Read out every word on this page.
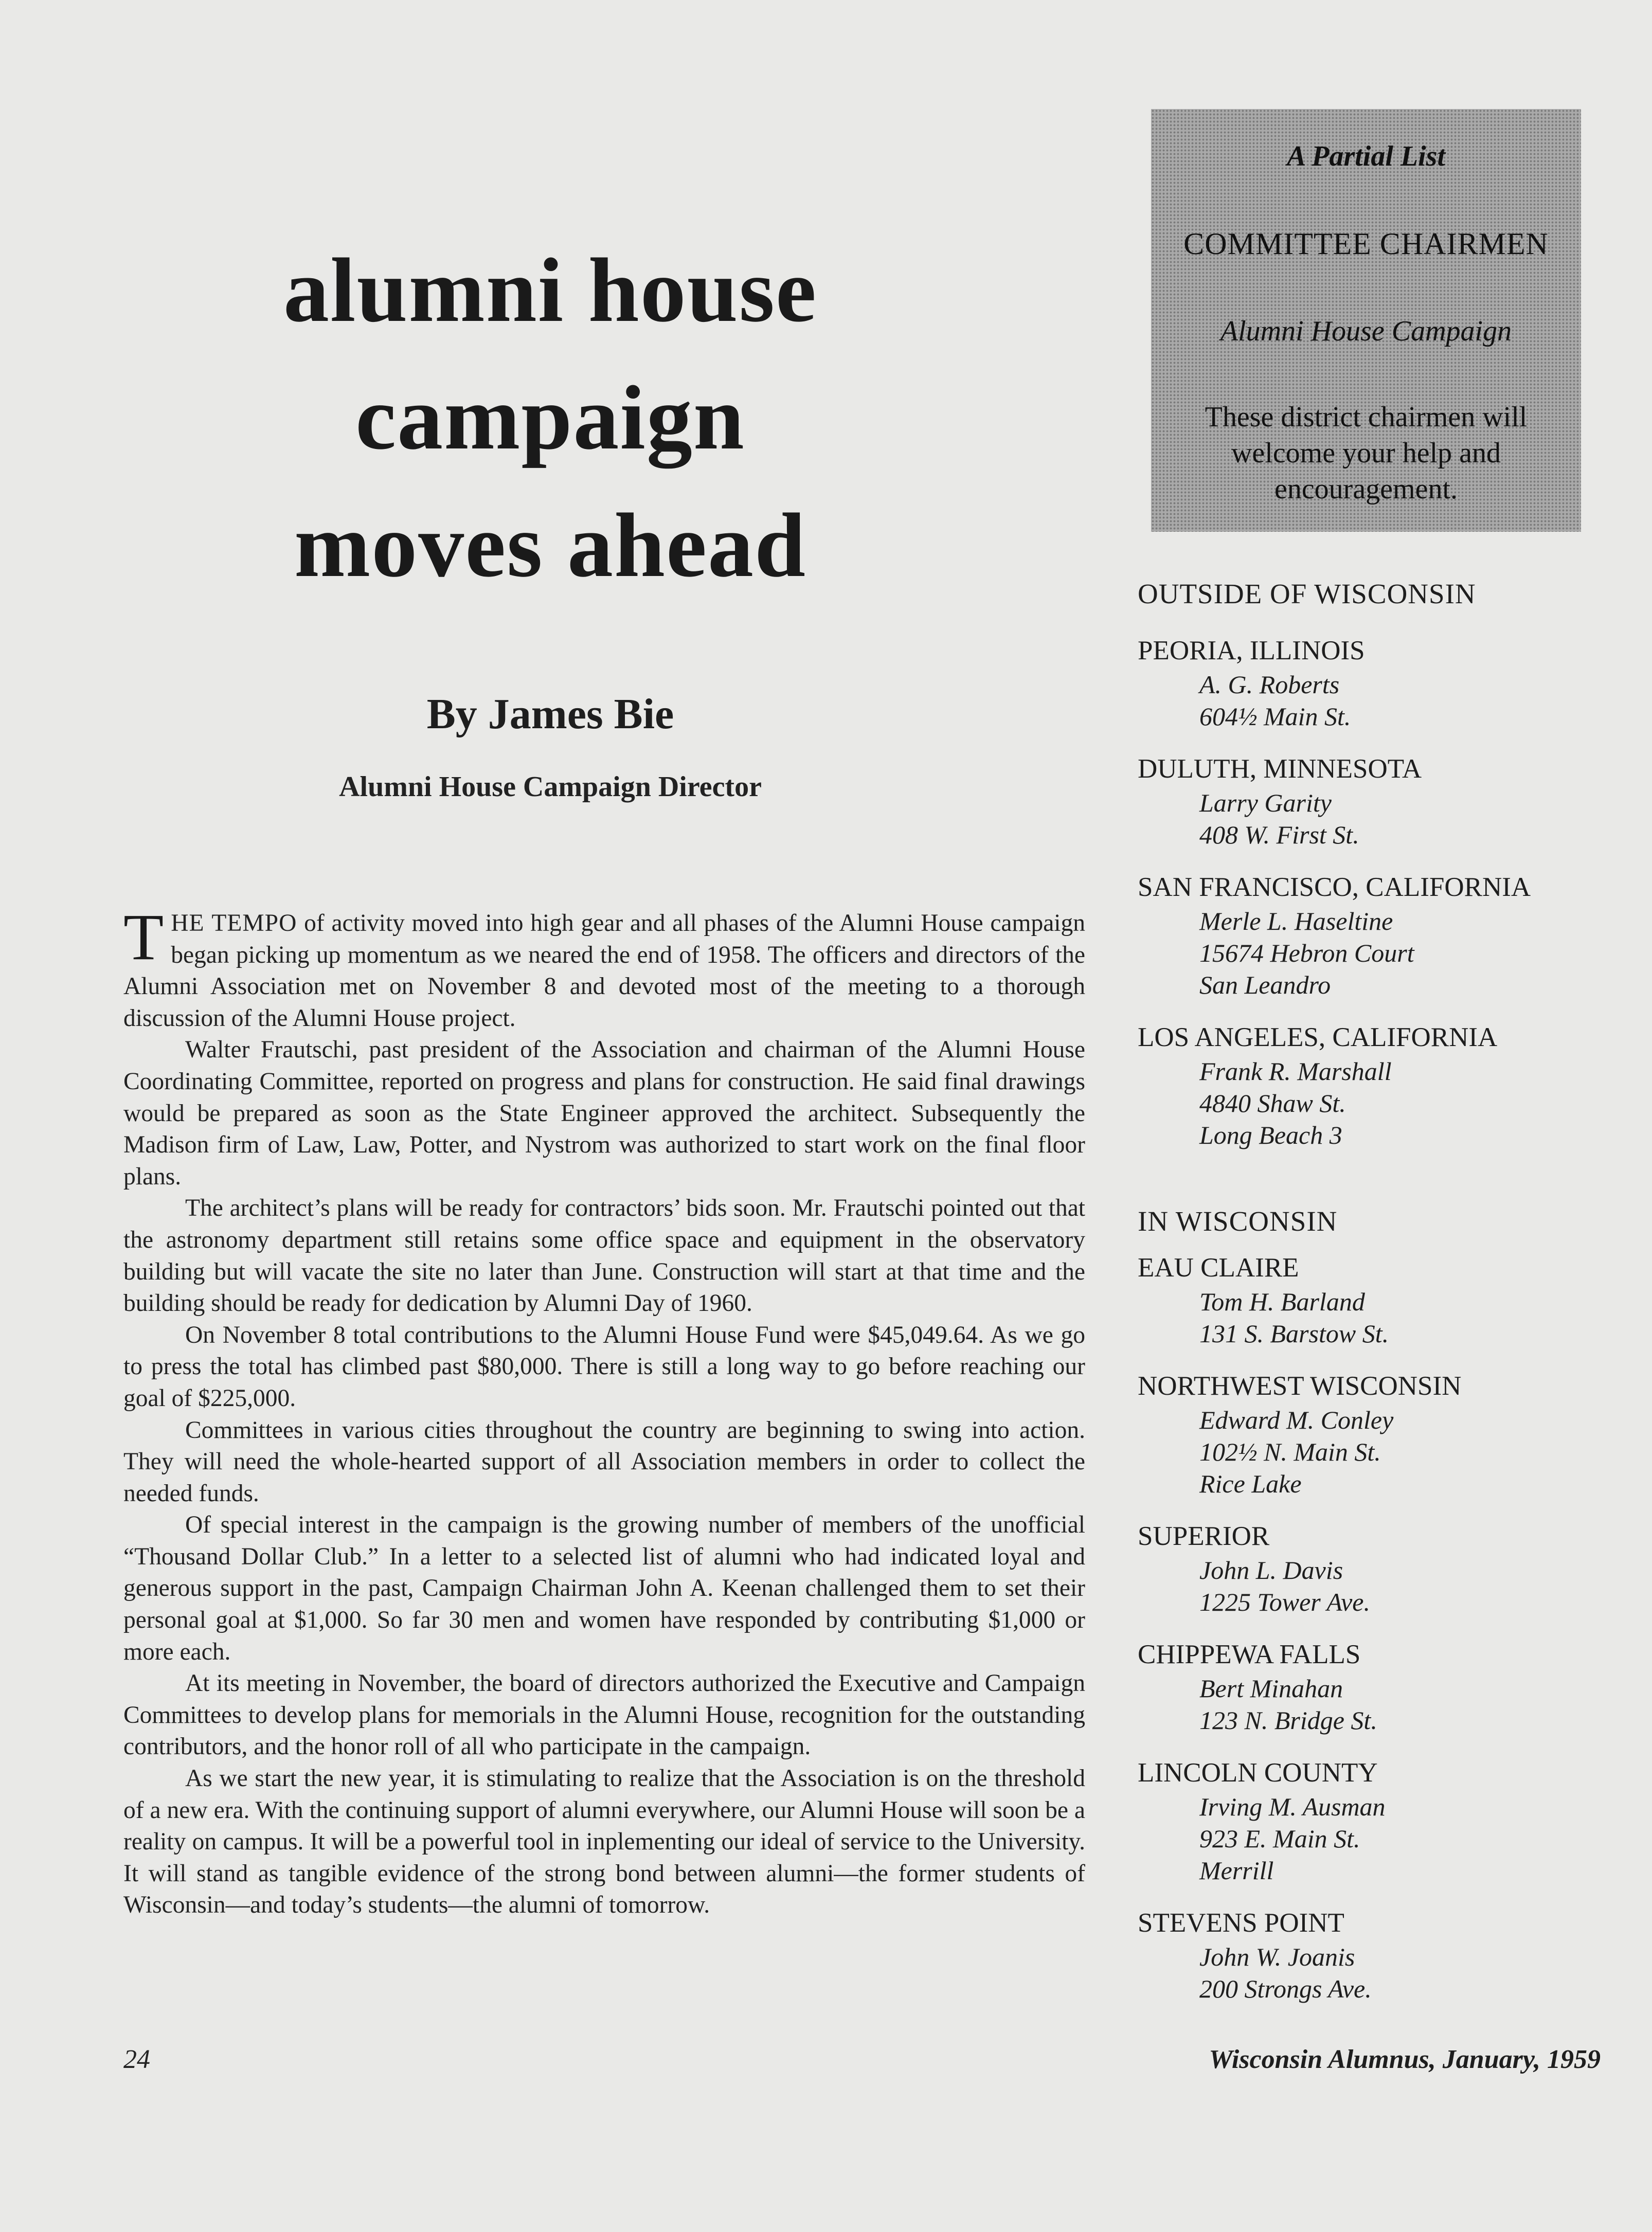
alumni house
campaign
moves ahead
By James Bie
Alumni House Campaign Director

THE TEMPO of activity moved into high gear and all phases of the Alumni House campaign began picking up momentum as we neared the end of 1958. The officers and directors of the Alumni Association met on November 8 and devoted most of the meeting to a thorough discussion of the Alumni House project.

Walter Frautschi, past president of the Association and chairman of the Alumni House Coordinating Committee, reported on progress and plans for construction. He said final drawings would be prepared as soon as the State Engineer approved the architect. Subsequently the Madison firm of Law, Law, Potter, and Nystrom was authorized to start work on the final floor plans.

The architect’s plans will be ready for contractors’ bids soon. Mr. Frautschi pointed out that the astronomy department still retains some office space and equipment in the observatory building but will vacate the site no later than June. Construction will start at that time and the building should be ready for dedication by Alumni Day of 1960.

On November 8 total contributions to the Alumni House Fund were $45,049.64. As we go to press the total has climbed past $80,000. There is still a long way to go before reaching our goal of $225,000.

Committees in various cities throughout the country are beginning to swing into action. They will need the whole-hearted support of all Association members in order to collect the needed funds.

Of special interest in the campaign is the growing number of members of the unofficial “Thousand Dollar Club.” In a letter to a selected list of alumni who had indicated loyal and generous support in the past, Campaign Chairman John A. Keenan challenged them to set their personal goal at $1,000. So far 30 men and women have responded by contributing $1,000 or more each.

At its meeting in November, the board of directors authorized the Executive and Campaign Committees to develop plans for memorials in the Alumni House, recognition for the outstanding contributors, and the honor roll of all who participate in the campaign.

As we start the new year, it is stimulating to realize that the Association is on the threshold of a new era. With the continuing support of alumni everywhere, our Alumni House will soon be a reality on campus. It will be a powerful tool in inplementing our ideal of service to the University. It will stand as tangible evidence of the strong bond between alumni—the former students of Wisconsin—and today’s students—the alumni of tomorrow.

24	Wisconsin Alumnus, January, 1959
A Partial List
COMMITTEE CHAIRMEN
Alumni House Campaign
These district chairmen will welcome your help and encouragement.

OUTSIDE OF WISCONSIN

PEORIA, ILLINOIS
A. G. Roberts
604½ Main St.
DULUTH, MINNESOTA
Larry Garity
408 W. First St.
SAN FRANCISCO, CALIFORNIA
Merle L. Haseltine
15674 Hebron Court
San Leandro
LOS ANGELES, CALIFORNIA
Frank R. Marshall
4840 Shaw St.
Long Beach 3

IN WISCONSIN

EAU CLAIRE
Tom H. Barland
131 S. Barstow St.
NORTHWEST WISCONSIN
Edward M. Conley
102½ N. Main St.
Rice Lake
SUPERIOR
John L. Davis
1225 Tower Ave.
CHIPPEWA FALLS
Bert Minahan
123 N. Bridge St.
LINCOLN COUNTY
Irving M. Ausman
923 E. Main St.
Merrill
STEVENS POINT
John W. Joanis
200 Strongs Ave.
